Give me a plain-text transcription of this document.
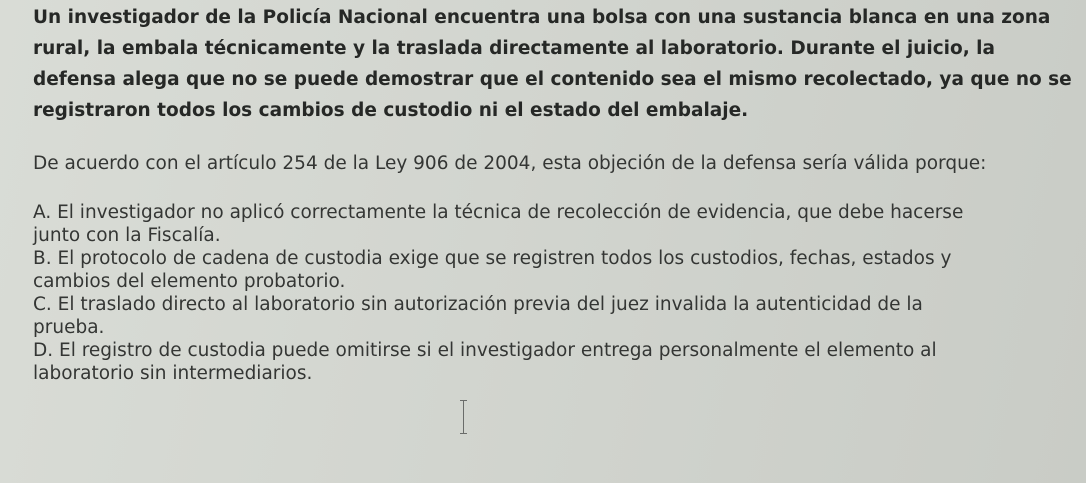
Un investigador de la Policía Nacional encuentra una bolsa con una sustancia blanca en una zona rural, la embala técnicamente y la traslada directamente al laboratorio. Durante el juicio, la defensa alega que no se puede demostrar que el contenido sea el mismo recolectado, ya que no se registraron todos los cambios de custodio ni el estado del embalaje.

De acuerdo con el artículo 254 de la Ley 906 de 2004, esta objeción de la defensa sería válida porque:

A. El investigador no aplicó correctamente la técnica de recolección de evidencia, que debe hacerse
junto con la Fiscalía.

B. El protocolo de cadena de custodia exige que se registren todos los custodios, fechas, estados y
cambios del elemento probatorio.

C. El traslado directo al laboratorio sin autorización previa del juez invalida la autenticidad de la
prueba.

D. El registro de custodia puede omitirse si el investigador entrega personalmente el elemento al
laboratorio sin intermediarios.
